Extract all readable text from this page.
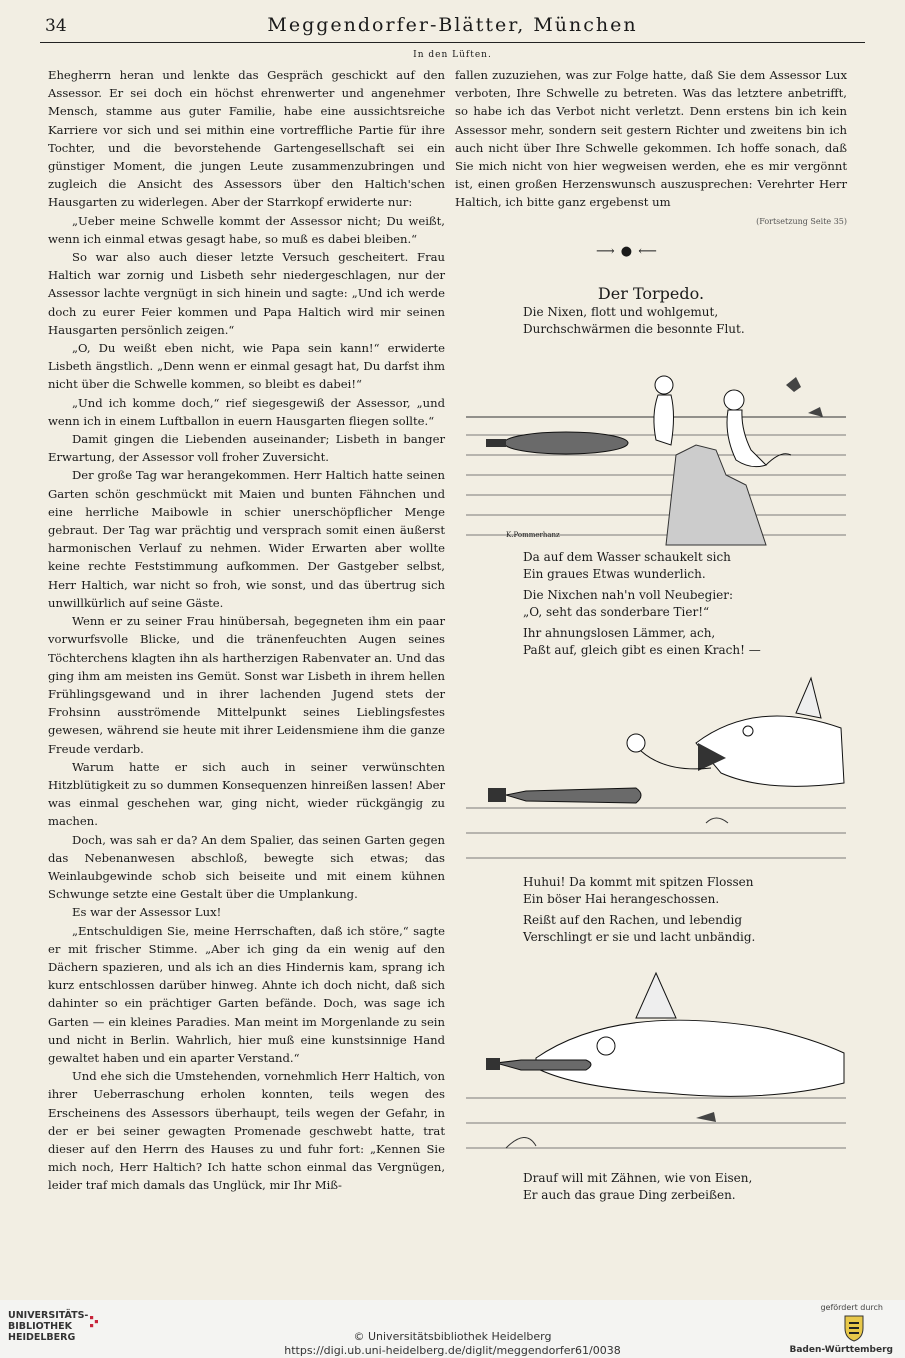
34	Meggendorfer-Blätter, München
In den Lüften.

Ehegherrn heran und lenkte das Gespräch geschickt auf den Assessor. Er sei doch ein höchst ehrenwerter und angenehmer Mensch, stamme aus guter Familie, habe eine aussichtsreiche Karriere vor sich und sei mithin eine vortreffliche Partie für ihre Tochter, und die bevorstehende Gartengesellschaft sei ein günstiger Moment, die jungen Leute zusammenzubringen und zugleich die Ansicht des Assessors über den Haltich'schen Hausgarten zu widerlegen. Aber der Starrkopf erwiderte nur:

„Ueber meine Schwelle kommt der Assessor nicht; Du weißt, wenn ich einmal etwas gesagt habe, so muß es dabei bleiben.“

So war also auch dieser letzte Versuch gescheitert. Frau Haltich war zornig und Lisbeth sehr niedergeschlagen, nur der Assessor lachte vergnügt in sich hinein und sagte: „Und ich werde doch zu eurer Feier kommen und Papa Haltich wird mir seinen Hausgarten persönlich zeigen.“

„O, Du weißt eben nicht, wie Papa sein kann!“ erwiderte Lisbeth ängstlich. „Denn wenn er einmal gesagt hat, Du darfst ihm nicht über die Schwelle kommen, so bleibt es dabei!“

„Und ich komme doch,“ rief siegesgewiß der Assessor, „und wenn ich in einem Luftballon in euern Hausgarten fliegen sollte.“

Damit gingen die Liebenden auseinander; Lisbeth in banger Erwartung, der Assessor voll froher Zuversicht.

Der große Tag war herangekommen. Herr Haltich hatte seinen Garten schön geschmückt mit Maien und bunten Fähnchen und eine herrliche Maibowle in schier unerschöpflicher Menge gebraut. Der Tag war prächtig und versprach somit einen äußerst harmonischen Verlauf zu nehmen. Wider Erwarten aber wollte keine rechte Feststimmung aufkommen. Der Gastgeber selbst, Herr Haltich, war nicht so froh, wie sonst, und das übertrug sich unwillkürlich auf seine Gäste.

Wenn er zu seiner Frau hinübersah, begegneten ihm ein paar vorwurfsvolle Blicke, und die tränenfeuchten Augen seines Töchterchens klagten ihn als hartherzigen Rabenvater an. Und das ging ihm am meisten ins Gemüt. Sonst war Lisbeth in ihrem hellen Frühlingsgewand und in ihrer lachenden Jugend stets der Frohsinn ausströmende Mittelpunkt seines Lieblingsfestes gewesen, während sie heute mit ihrer Leidensmiene ihm die ganze Freude verdarb.

Warum hatte er sich auch in seiner verwünschten Hitzblütigkeit zu so dummen Konsequenzen hinreißen lassen! Aber was einmal geschehen war, ging nicht, wieder rückgängig zu machen.

Doch, was sah er da? An dem Spalier, das seinen Garten gegen das Nebenanwesen abschloß, bewegte sich etwas; das Weinlaubgewinde schob sich beiseite und mit einem kühnen Schwunge setzte eine Gestalt über die Umplankung.

Es war der Assessor Lux!

„Entschuldigen Sie, meine Herrschaften, daß ich störe,“ sagte er mit frischer Stimme. „Aber ich ging da ein wenig auf den Dächern spazieren, und als ich an dies Hindernis kam, sprang ich kurz entschlossen darüber hinweg. Ahnte ich doch nicht, daß sich dahinter so ein prächtiger Garten befände. Doch, was sage ich Garten — ein kleines Paradies. Man meint im Morgenlande zu sein und nicht in Berlin. Wahrlich, hier muß eine kunstsinnige Hand gewaltet haben und ein aparter Verstand.“

Und ehe sich die Umstehenden, vornehmlich Herr Haltich, von ihrer Ueberraschung erholen konnten, teils wegen des Erscheinens des Assessors überhaupt, teils wegen der Gefahr, in der er bei seiner gewagten Promenade geschwebt hatte, trat dieser auf den Herrn des Hauses zu und fuhr fort: „Kennen Sie mich noch, Herr Haltich? Ich hatte schon einmal das Vergnügen, leider traf mich damals das Unglück, mir Ihr Miß-

fallen zuzuziehen, was zur Folge hatte, daß Sie dem Assessor Lux verboten, Ihre Schwelle zu betreten. Was das letztere anbetrifft, so habe ich das Verbot nicht verletzt. Denn erstens bin ich kein Assessor mehr, sondern seit gestern Richter und zweitens bin ich auch nicht über Ihre Schwelle gekommen. Ich hoffe sonach, daß Sie mich nicht von hier wegweisen werden, ehe es mir vergönnt ist, einen großen Herzenswunsch auszusprechen: Verehrter Herr Haltich, ich bitte ganz ergebenst um

(Fortsetzung Seite 35)
⟶ ● ⟵
Der Torpedo.
Die Nixen, flott und wohlgemut,
Durchschwärmen die besonnte Flut.
K.Pommerhanz
Da auf dem Wasser schaukelt sich
Ein graues Etwas wunderlich.
Die Nixchen nah'n voll Neubegier:
„O, seht das sonderbare Tier!“
Ihr ahnungslosen Lämmer, ach,
Paßt auf, gleich gibt es einen Krach! —
Huhui! Da kommt mit spitzen Flossen
Ein böser Hai herangeschossen.
Reißt auf den Rachen, und lebendig
Verschlingt er sie und lacht unbändig.
Drauf will mit Zähnen, wie von Eisen,
Er auch das graue Ding zerbeißen.
UNIVERSITÄTS-
BIBLIOTHEK
HEIDELBERG	© Universitätsbibliothek Heidelberg
https://digi.ub.uni-heidelberg.de/diglit/meggendorfer61/0038
gefördert durch
Baden-Württemberg
